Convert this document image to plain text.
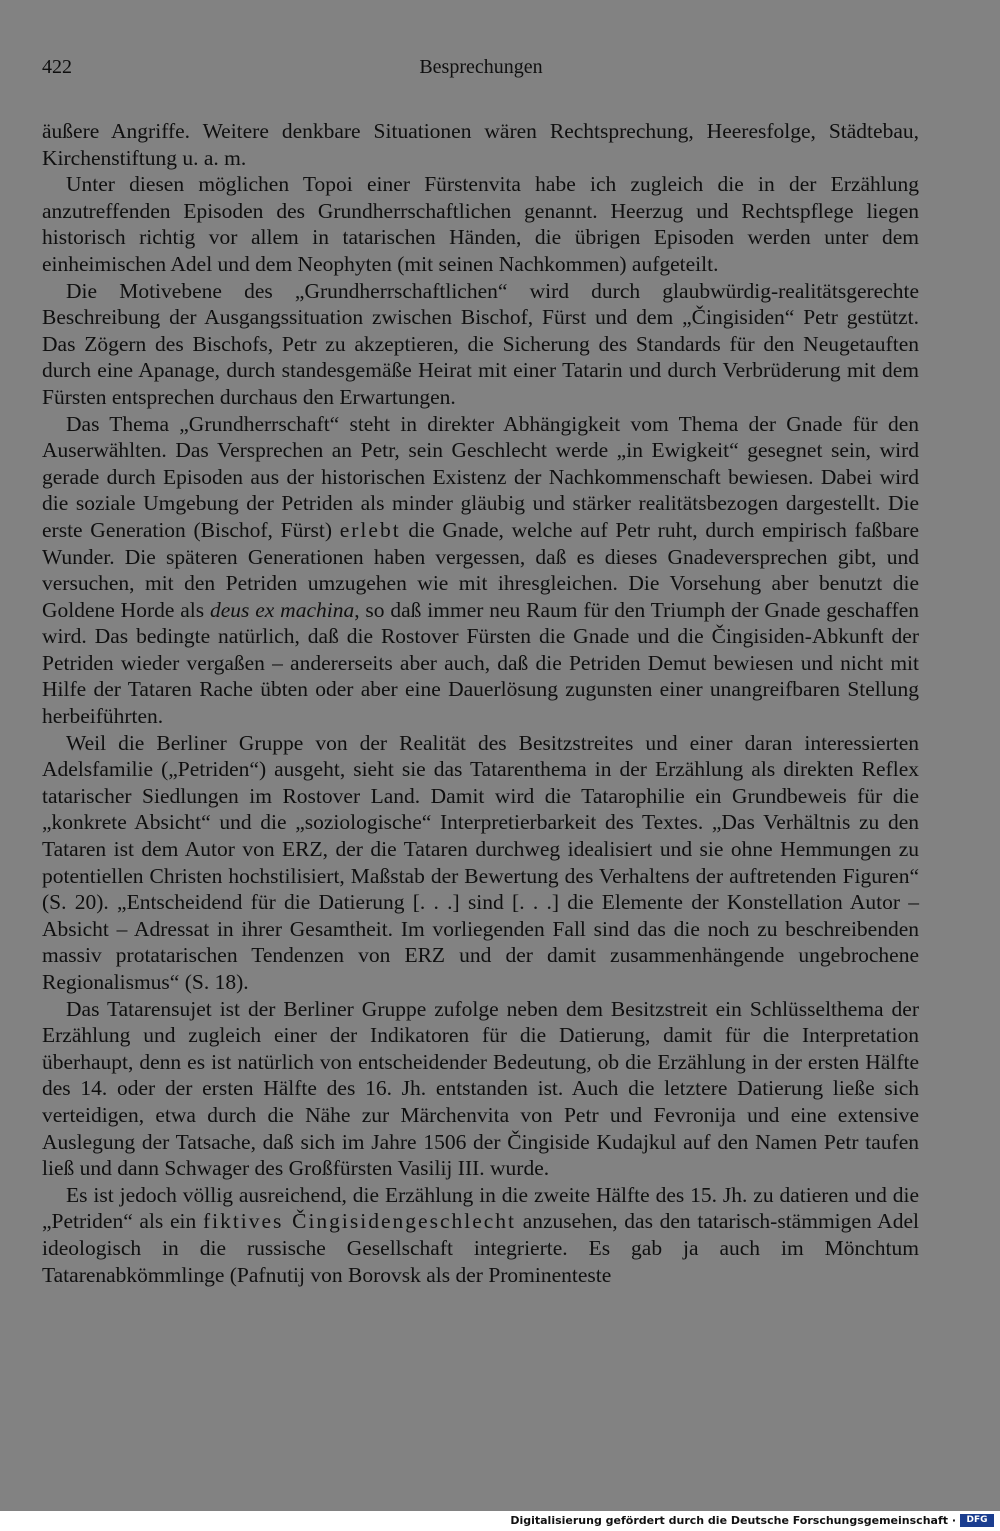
422	Besprechungen

äußere Angriffe. Weitere denkbare Situationen wären Rechtsprechung, Heeresfolge, Städtebau, Kirchenstiftung u. a. m.

Unter diesen möglichen Topoi einer Fürstenvita habe ich zugleich die in der Erzählung anzutreffenden Episoden des Grundherrschaftlichen genannt. Heerzug und Rechtspflege liegen historisch richtig vor allem in tatarischen Händen, die übrigen Episoden werden unter dem einheimischen Adel und dem Neophyten (mit seinen Nachkommen) aufgeteilt.

Die Motivebene des „Grundherrschaftlichen“ wird durch glaubwürdig-realitätsgerechte Beschreibung der Ausgangssituation zwischen Bischof, Fürst und dem „Čingisiden“ Petr gestützt. Das Zögern des Bischofs, Petr zu akzeptieren, die Sicherung des Standards für den Neugetauften durch eine Apanage, durch standesgemäße Heirat mit einer Tatarin und durch Verbrüderung mit dem Fürsten entsprechen durchaus den Erwartungen.

Das Thema „Grundherrschaft“ steht in direkter Abhängigkeit vom Thema der Gnade für den Auserwählten. Das Versprechen an Petr, sein Geschlecht werde „in Ewigkeit“ gesegnet sein, wird gerade durch Episoden aus der historischen Existenz der Nachkommenschaft bewiesen. Dabei wird die soziale Umgebung der Petriden als minder gläubig und stärker realitätsbezogen dargestellt. Die erste Generation (Bischof, Fürst) erlebt die Gnade, welche auf Petr ruht, durch empirisch faßbare Wunder. Die späteren Generationen haben vergessen, daß es dieses Gnadeversprechen gibt, und versuchen, mit den Petriden umzugehen wie mit ihresgleichen. Die Vorsehung aber benutzt die Goldene Horde als deus ex machina, so daß immer neu Raum für den Triumph der Gnade geschaffen wird. Das bedingte natürlich, daß die Rostover Fürsten die Gnade und die Čingisiden-Abkunft der Petriden wieder vergaßen – andererseits aber auch, daß die Petriden Demut bewiesen und nicht mit Hilfe der Tataren Rache übten oder aber eine Dauerlösung zugunsten einer unangreifbaren Stellung herbeiführten.

Weil die Berliner Gruppe von der Realität des Besitzstreites und einer daran interessierten Adelsfamilie („Petriden“) ausgeht, sieht sie das Tatarenthema in der Erzählung als direkten Reflex tatarischer Siedlungen im Rostover Land. Damit wird die Tatarophilie ein Grundbeweis für die „konkrete Absicht“ und die „soziologische“ Interpretierbarkeit des Textes. „Das Verhältnis zu den Tataren ist dem Autor von ERZ, der die Tataren durchweg idealisiert und sie ohne Hemmungen zu potentiellen Christen hochstilisiert, Maßstab der Bewertung des Verhaltens der auftretenden Figuren“ (S. 20). „Entscheidend für die Datierung [. . .] sind [. . .] die Elemente der Konstellation Autor – Absicht – Adressat in ihrer Gesamtheit. Im vorliegenden Fall sind das die noch zu beschreibenden massiv protatarischen Tendenzen von ERZ und der damit zusammenhängende ungebrochene Regionalismus“ (S. 18).

Das Tatarensujet ist der Berliner Gruppe zufolge neben dem Besitzstreit ein Schlüsselthema der Erzählung und zugleich einer der Indikatoren für die Datierung, damit für die Interpretation überhaupt, denn es ist natürlich von entscheidender Bedeutung, ob die Erzählung in der ersten Hälfte des 14. oder der ersten Hälfte des 16. Jh. entstanden ist. Auch die letztere Datierung ließe sich verteidigen, etwa durch die Nähe zur Märchenvita von Petr und Fevronija und eine extensive Auslegung der Tatsache, daß sich im Jahre 1506 der Čingiside Kudajkul auf den Namen Petr taufen ließ und dann Schwager des Großfürsten Vasilij III. wurde.

Es ist jedoch völlig ausreichend, die Erzählung in die zweite Hälfte des 15. Jh. zu datieren und die „Petriden“ als ein fiktives Čingisidengeschlecht anzusehen, das den tatarisch-stämmigen Adel ideologisch in die russische Gesellschaft integrierte. Es gab ja auch im Mönchtum Tatarenabkömmlinge (Pafnutij von Borovsk als der Prominenteste

Digitalisierung gefördert durch die Deutsche Forschungsgemeinschaft ·	DFG
